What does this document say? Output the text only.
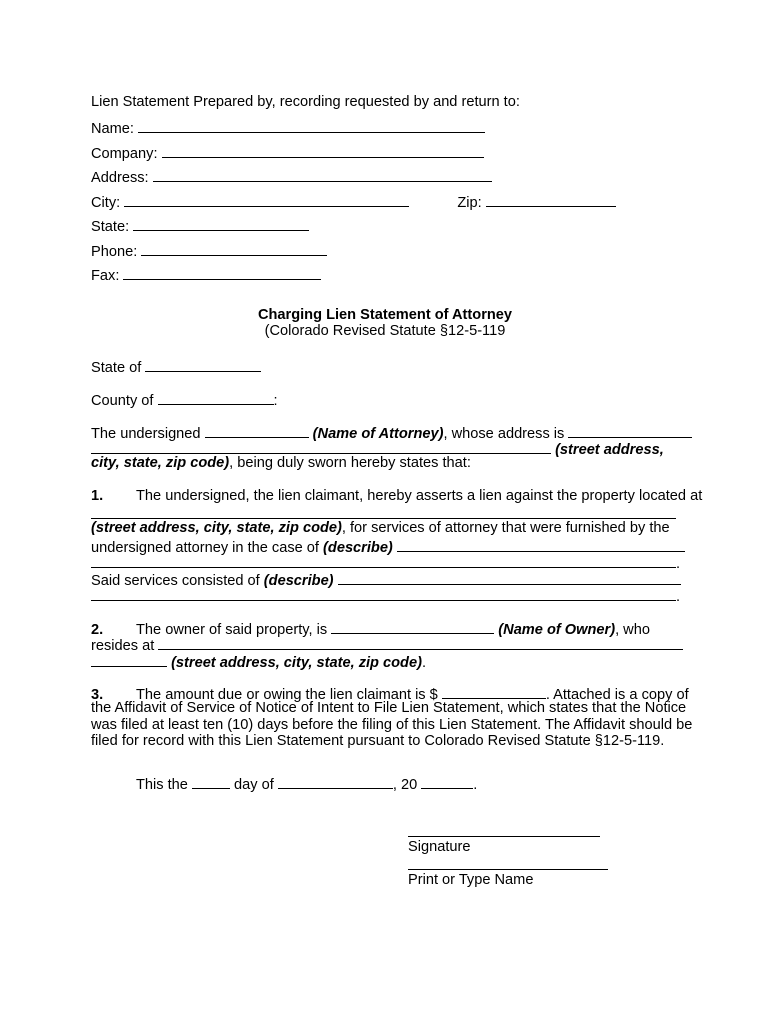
Lien Statement Prepared by, recording requested by and return to:
Name:
Company:
Address:
City:	Zip:
State:
Phone:
Fax:
Charging Lien Statement of Attorney
(Colorado Revised Statute §12-5-119
State of
County of	:
The undersigned	(Name of Attorney), whose address is
(street address,
city, state, zip code), being duly sworn hereby states that:
1. The undersigned, the lien claimant, hereby asserts a lien against the property located at
(street address, city, state, zip code), for services of attorney that were furnished by the
undersigned attorney in the case of (describe)
.
Said services consisted of (describe)
.
2. The owner of said property, is	(Name of Owner), who
resides at
(street address, city, state, zip code).
3. The amount due or owing the lien claimant is $	. Attached is a copy of
the Affidavit of Service of Notice of Intent to File Lien Statement, which states that the Notice
was filed at least ten (10) days before the filing of this Lien Statement. The Affidavit should be
filed for record with this Lien Statement pursuant to Colorado Revised Statute §12-5-119.
This the	day of	, 20	.
Signature
Print or Type Name
